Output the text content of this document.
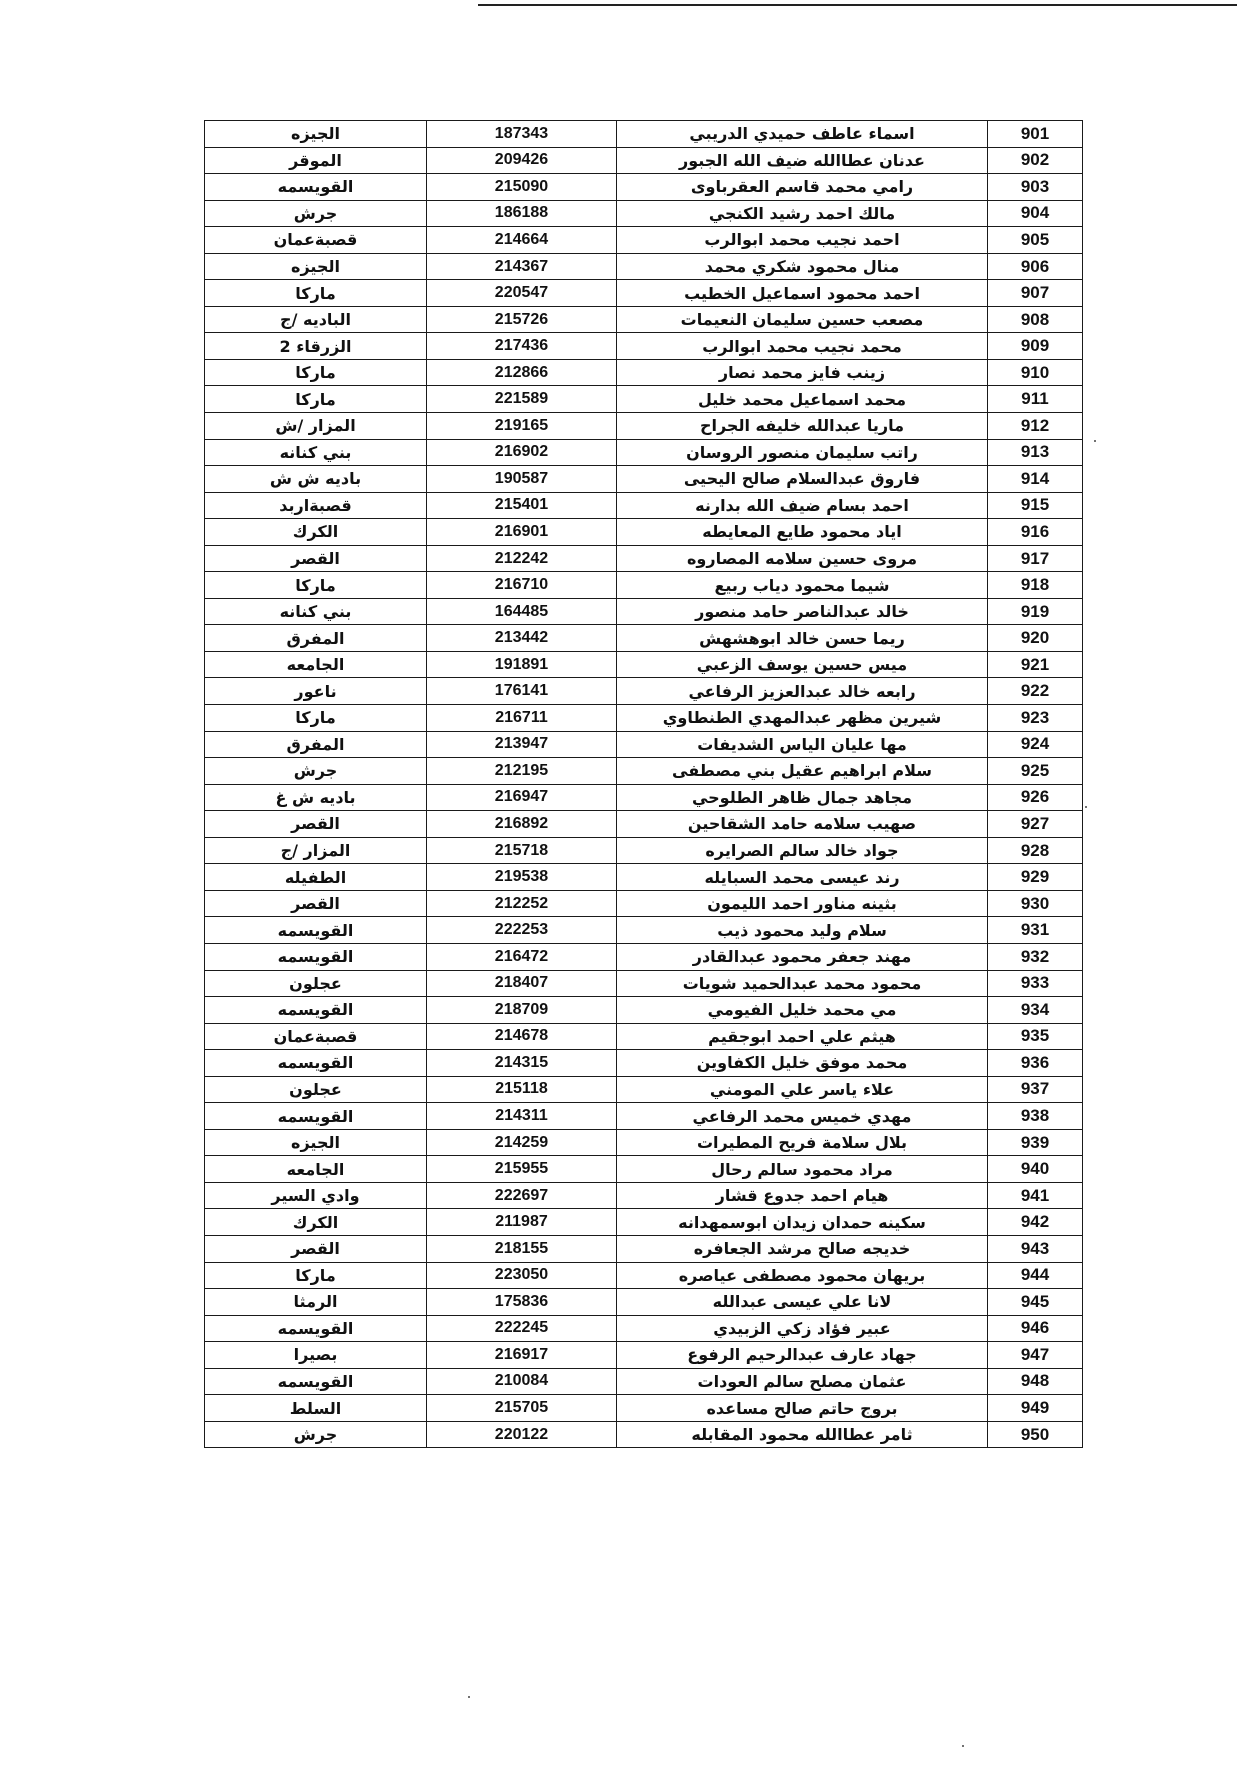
الجيزه	187343	اسماء عاطف حميدي الدريبي	901
الموقر	209426	عدنان عطاالله ضيف الله الجبور	902
القويسمه	215090	رامي محمد قاسم العقرباوى	903
جرش	186188	مالك احمد رشيد الكنجي	904
قصبةعمان	214664	احمد نجيب محمد ابوالرب	905
الجيزه	214367	منال محمود شكري محمد	906
ماركا	220547	احمد محمود اسماعيل الخطيب	907
الباديه /ج	215726	مصعب حسين سليمان النعيمات	908
الزرقاء 2	217436	محمد نجيب محمد ابوالرب	909
ماركا	212866	زينب فايز محمد نصار	910
ماركا	221589	محمد اسماعيل محمد خليل	911
المزار /ش	219165	ماريا عبدالله خليفه الجراح	912
بني كنانه	216902	راتب سليمان منصور الروسان	913
باديه ش ش	190587	فاروق عبدالسلام صالح اليحيى	914
قصبةاربد	215401	احمد بسام ضيف الله بدارنه	915
الكرك	216901	اياد محمود طايع المعايطه	916
القصر	212242	مروى حسين سلامه المصاروه	917
ماركا	216710	شيما محمود دياب ربيع	918
بني كنانه	164485	خالد عبدالناصر حامد منصور	919
المفرق	213442	ريما حسن خالد ابوهشهش	920
الجامعه	191891	ميس حسين يوسف الزعبي	921
ناعور	176141	رابعه خالد عبدالعزيز الرفاعي	922
ماركا	216711	شيرين مظهر عبدالمهدي الطنطاوي	923
المفرق	213947	مها عليان الياس الشديفات	924
جرش	212195	سلام ابراهيم عقيل بني مصطفى	925
باديه ش غ	216947	مجاهد جمال ظاهر الطلوحي	926
القصر	216892	صهيب سلامه حامد الشقاحين	927
المزار /ج	215718	جواد خالد سالم الصرايره	928
الطفيله	219538	رند عيسى محمد السبايله	929
القصر	212252	بثينه مناور احمد الليمون	930
القويسمه	222253	سلام وليد محمود ذيب	931
القويسمه	216472	مهند جعفر محمود عبدالقادر	932
عجلون	218407	محمود محمد عبدالحميد شويات	933
القويسمه	218709	مي محمد خليل الفيومي	934
قصبةعمان	214678	هيثم علي احمد ابوجقيم	935
القويسمه	214315	محمد موفق خليل الكفاوين	936
عجلون	215118	علاء ياسر علي المومني	937
القويسمه	214311	مهدي خميس محمد الرفاعي	938
الجيزه	214259	بلال سلامة فريح المطيرات	939
الجامعه	215955	مراد محمود سالم رحال	940
وادي السير	222697	هيام احمد جدوع قشار	941
الكرك	211987	سكينه حمدان زيدان ابوسمهدانه	942
القصر	218155	خديجه صالح مرشد الجعافره	943
ماركا	223050	بريهان محمود مصطفى عياصره	944
الرمثا	175836	لانا علي عيسى عبدالله	945
القويسمه	222245	عبير فؤاد زكي الزبيدي	946
بصيرا	216917	جهاد عارف عبدالرحيم الرفوع	947
القويسمه	210084	عثمان مصلح سالم العودات	948
السلط	215705	بروج حاتم صالح مساعده	949
جرش	220122	ثامر عطاالله محمود المقابله	950
